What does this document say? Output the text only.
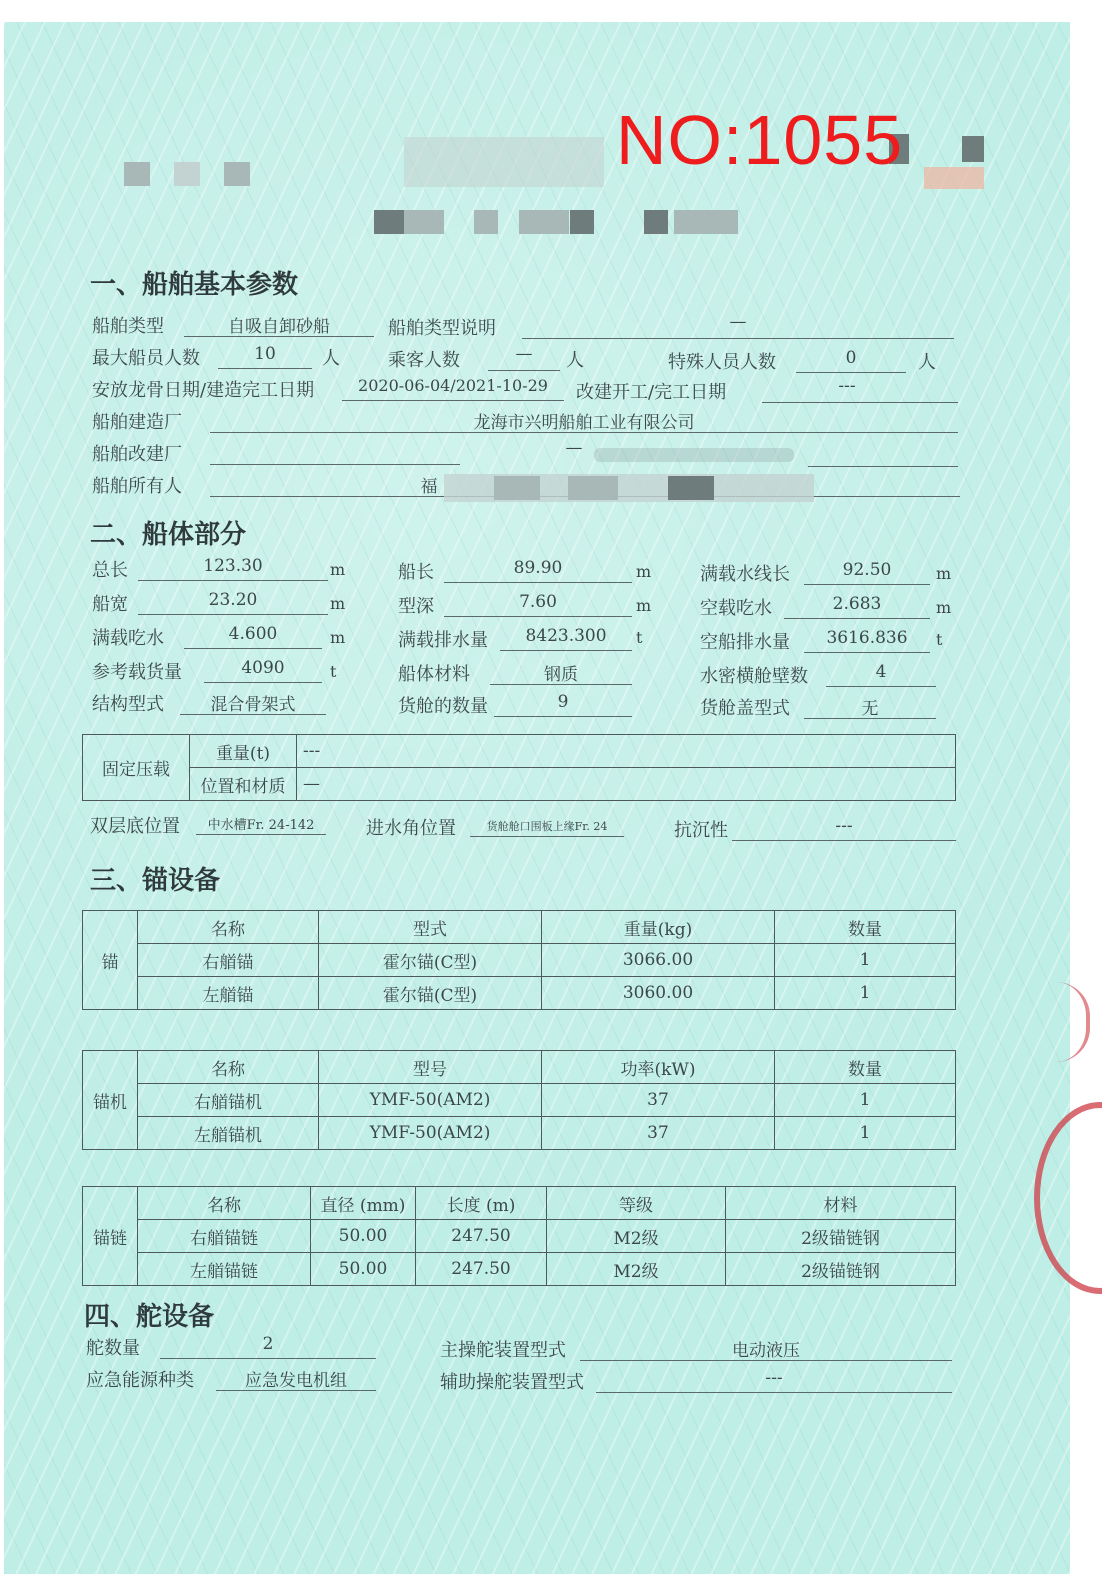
NO:1055
一、船舶基本参数
船舶类型	自吸自卸砂船	船舶类型说明	—
最大船员人数	10	人	乘客人数	—	人	特殊人员人数	0	人
安放龙骨日期/建造完工日期	2020-06-04/2021-10-29	改建开工/完工日期	---
船舶建造厂	龙海市兴明船舶工业有限公司
船舶改建厂	—
船舶所有人	福
二、船体部分
总长	123.30	m	船长	89.90	m	满载水线长	92.50	m
船宽	23.20	m	型深	7.60	m	空载吃水	2.683	m
满载吃水	4.600	m	满载排水量	8423.300	t	空船排水量	3616.836	t
参考载货量	4090	t	船体材料	钢质	水密横舱壁数	4
结构型式	混合骨架式	货舱的数量	9	货舱盖型式	无
固定压载	重量(t)	---
	位置和材质	—
双层底位置	中水槽Fr. 24-142	进水角位置	货舱舱口围板上缘Fr. 24	抗沉性	---
三、锚设备
锚	名称	型式	重量(kg)	数量
	右艏锚	霍尔锚(C型)	3066.00	1
	左艏锚	霍尔锚(C型)	3060.00	1
锚机	名称	型号	功率(kW)	数量
	右艏锚机	YMF-50(AM2)	37	1
	左艏锚机	YMF-50(AM2)	37	1
锚链	名称	直径 (mm)	长度 (m)	等级	材料
	右艏锚链	50.00	247.50	M2级	2级锚链钢
	左艏锚链	50.00	247.50	M2级	2级锚链钢
四、舵设备
舵数量	2	主操舵装置型式	电动液压
应急能源种类	应急发电机组	辅助操舵装置型式	---
